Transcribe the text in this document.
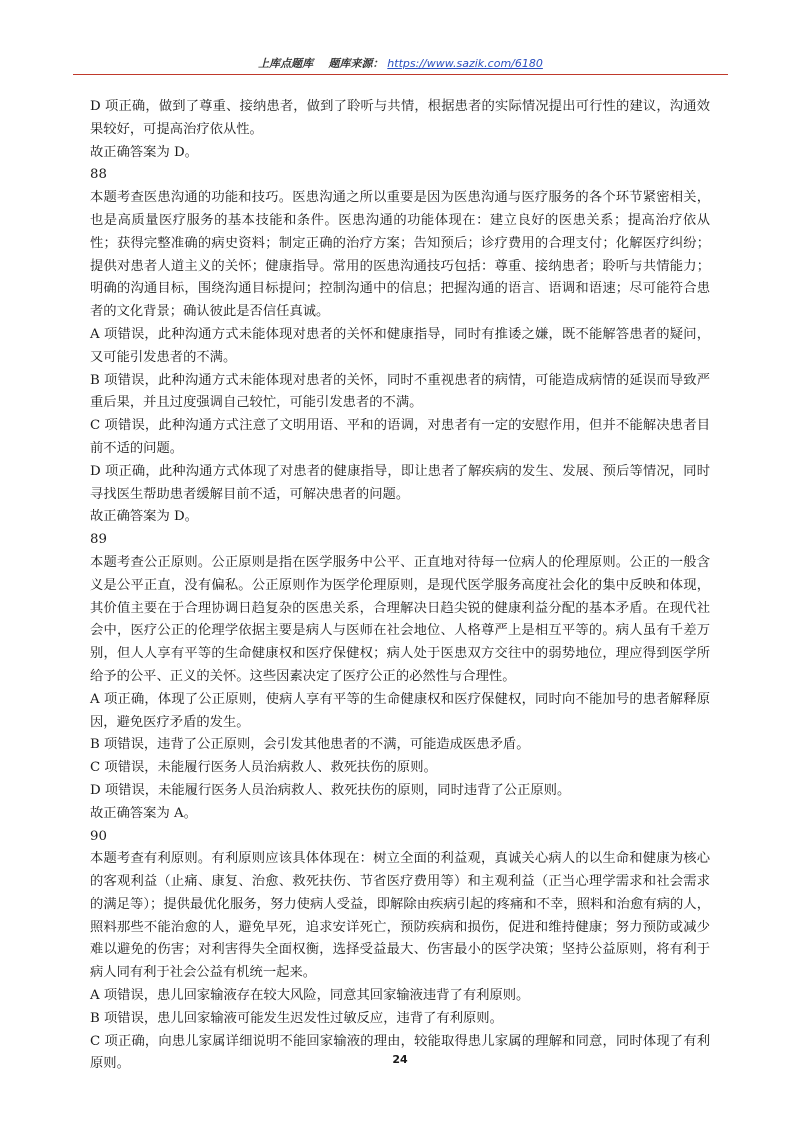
上库点题库 题库来源： https://www.sazik.com/6180

D 项正确，做到了尊重、接纳患者，做到了聆听与共情，根据患者的实际情况提出可行性的建议，沟通效果较好，可提高治疗依从性。

故正确答案为 D。

88

本题考查医患沟通的功能和技巧。医患沟通之所以重要是因为医患沟通与医疗服务的各个环节紧密相关，也是高质量医疗服务的基本技能和条件。医患沟通的功能体现在：建立良好的医患关系；提高治疗依从性；获得完整准确的病史资料；制定正确的治疗方案；告知预后；诊疗费用的合理支付；化解医疗纠纷；提供对患者人道主义的关怀；健康指导。常用的医患沟通技巧包括：尊重、接纳患者；聆听与共情能力；明确的沟通目标，围绕沟通目标提问；控制沟通中的信息；把握沟通的语言、语调和语速；尽可能符合患者的文化背景；确认彼此是否信任真诚。

A 项错误，此种沟通方式未能体现对患者的关怀和健康指导，同时有推诿之嫌，既不能解答患者的疑问，又可能引发患者的不满。

B 项错误，此种沟通方式未能体现对患者的关怀，同时不重视患者的病情，可能造成病情的延误而导致严重后果，并且过度强调自己较忙，可能引发患者的不满。

C 项错误，此种沟通方式注意了文明用语、平和的语调，对患者有一定的安慰作用，但并不能解决患者目前不适的问题。

D 项正确，此种沟通方式体现了对患者的健康指导，即让患者了解疾病的发生、发展、预后等情况，同时寻找医生帮助患者缓解目前不适，可解决患者的问题。

故正确答案为 D。

89

本题考查公正原则。公正原则是指在医学服务中公平、正直地对待每一位病人的伦理原则。公正的一般含义是公平正直，没有偏私。公正原则作为医学伦理原则，是现代医学服务高度社会化的集中反映和体现，其价值主要在于合理协调日趋复杂的医患关系，合理解决日趋尖锐的健康利益分配的基本矛盾。在现代社会中，医疗公正的伦理学依据主要是病人与医师在社会地位、人格尊严上是相互平等的。病人虽有千差万别，但人人享有平等的生命健康权和医疗保健权；病人处于医患双方交往中的弱势地位，理应得到医学所给予的公平、正义的关怀。这些因素决定了医疗公正的必然性与合理性。

A 项正确，体现了公正原则，使病人享有平等的生命健康权和医疗保健权，同时向不能加号的患者解释原因，避免医疗矛盾的发生。

B 项错误，违背了公正原则，会引发其他患者的不满，可能造成医患矛盾。

C 项错误，未能履行医务人员治病救人、救死扶伤的原则。

D 项错误，未能履行医务人员治病救人、救死扶伤的原则，同时违背了公正原则。

故正确答案为 A。

90

本题考查有利原则。有利原则应该具体体现在：树立全面的利益观，真诚关心病人的以生命和健康为核心的客观利益（止痛、康复、治愈、救死扶伤、节省医疗费用等）和主观利益（正当心理学需求和社会需求的满足等）；提供最优化服务，努力使病人受益，即解除由疾病引起的疼痛和不幸，照料和治愈有病的人，照料那些不能治愈的人，避免早死，追求安详死亡，预防疾病和损伤，促进和维持健康；努力预防或减少难以避免的伤害；对利害得失全面权衡，选择受益最大、伤害最小的医学决策；坚持公益原则，将有利于病人同有利于社会公益有机统一起来。

A 项错误，患儿回家输液存在较大风险，同意其回家输液违背了有利原则。

B 项错误，患儿回家输液可能发生迟发性过敏反应，违背了有利原则。

C 项正确，向患儿家属详细说明不能回家输液的理由，较能取得患儿家属的理解和同意，同时体现了有利原则。	24
